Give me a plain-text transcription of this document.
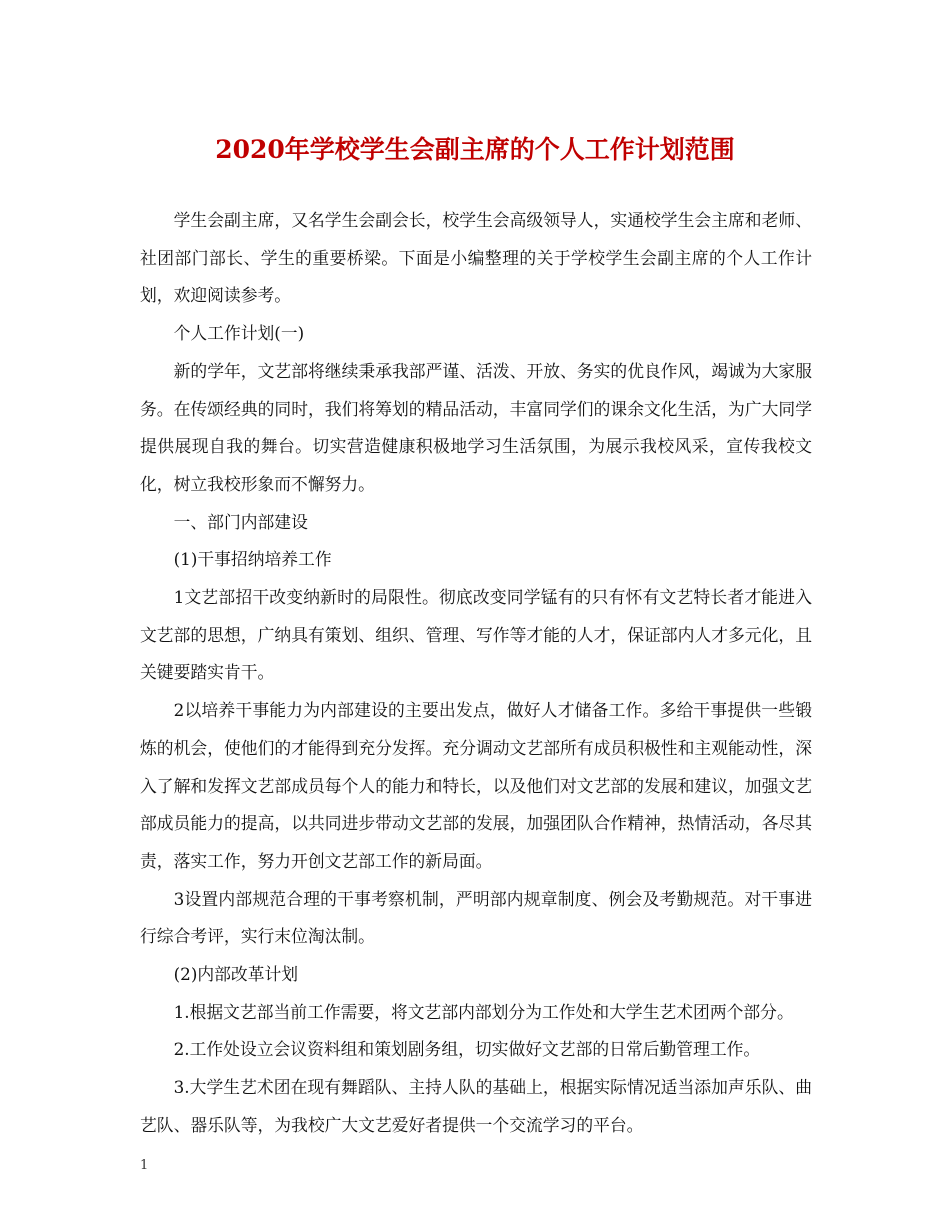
2020年学校学生会副主席的个人工作计划范围

学生会副主席，又名学生会副会长，校学生会高级领导人，实通校学生会主席和老师、社团部门部长、学生的重要桥梁。下面是小编整理的关于学校学生会副主席的个人工作计划，欢迎阅读参考。

个人工作计划(一)

新的学年，文艺部将继续秉承我部严谨、活泼、开放、务实的优良作风，竭诚为大家服务。在传颂经典的同时，我们将筹划的精品活动，丰富同学们的课余文化生活，为广大同学提供展现自我的舞台。切实营造健康积极地学习生活氛围，为展示我校风采，宣传我校文化，树立我校形象而不懈努力。

一、部门内部建设

(1)干事招纳培养工作

1文艺部招干改变纳新时的局限性。彻底改变同学锰有的只有怀有文艺特长者才能进入文艺部的思想，广纳具有策划、组织、管理、写作等才能的人才，保证部内人才多元化，且关键要踏实肯干。

2以培养干事能力为内部建设的主要出发点，做好人才储备工作。多给干事提供一些锻炼的机会，使他们的才能得到充分发挥。充分调动文艺部所有成员积极性和主观能动性，深入了解和发挥文艺部成员每个人的能力和特长，以及他们对文艺部的发展和建议，加强文艺部成员能力的提高，以共同进步带动文艺部的发展，加强团队合作精神，热情活动，各尽其责，落实工作，努力开创文艺部工作的新局面。

3设置内部规范合理的干事考察机制，严明部内规章制度、例会及考勤规范。对干事进行综合考评，实行末位淘汰制。

(2)内部改革计划

1.根据文艺部当前工作需要，将文艺部内部划分为工作处和大学生艺术团两个部分。

2.工作处设立会议资料组和策划剧务组，切实做好文艺部的日常后勤管理工作。

3.大学生艺术团在现有舞蹈队、主持人队的基础上，根据实际情况适当添加声乐队、曲艺队、器乐队等，为我校广大文艺爱好者提供一个交流学习的平台。

1
